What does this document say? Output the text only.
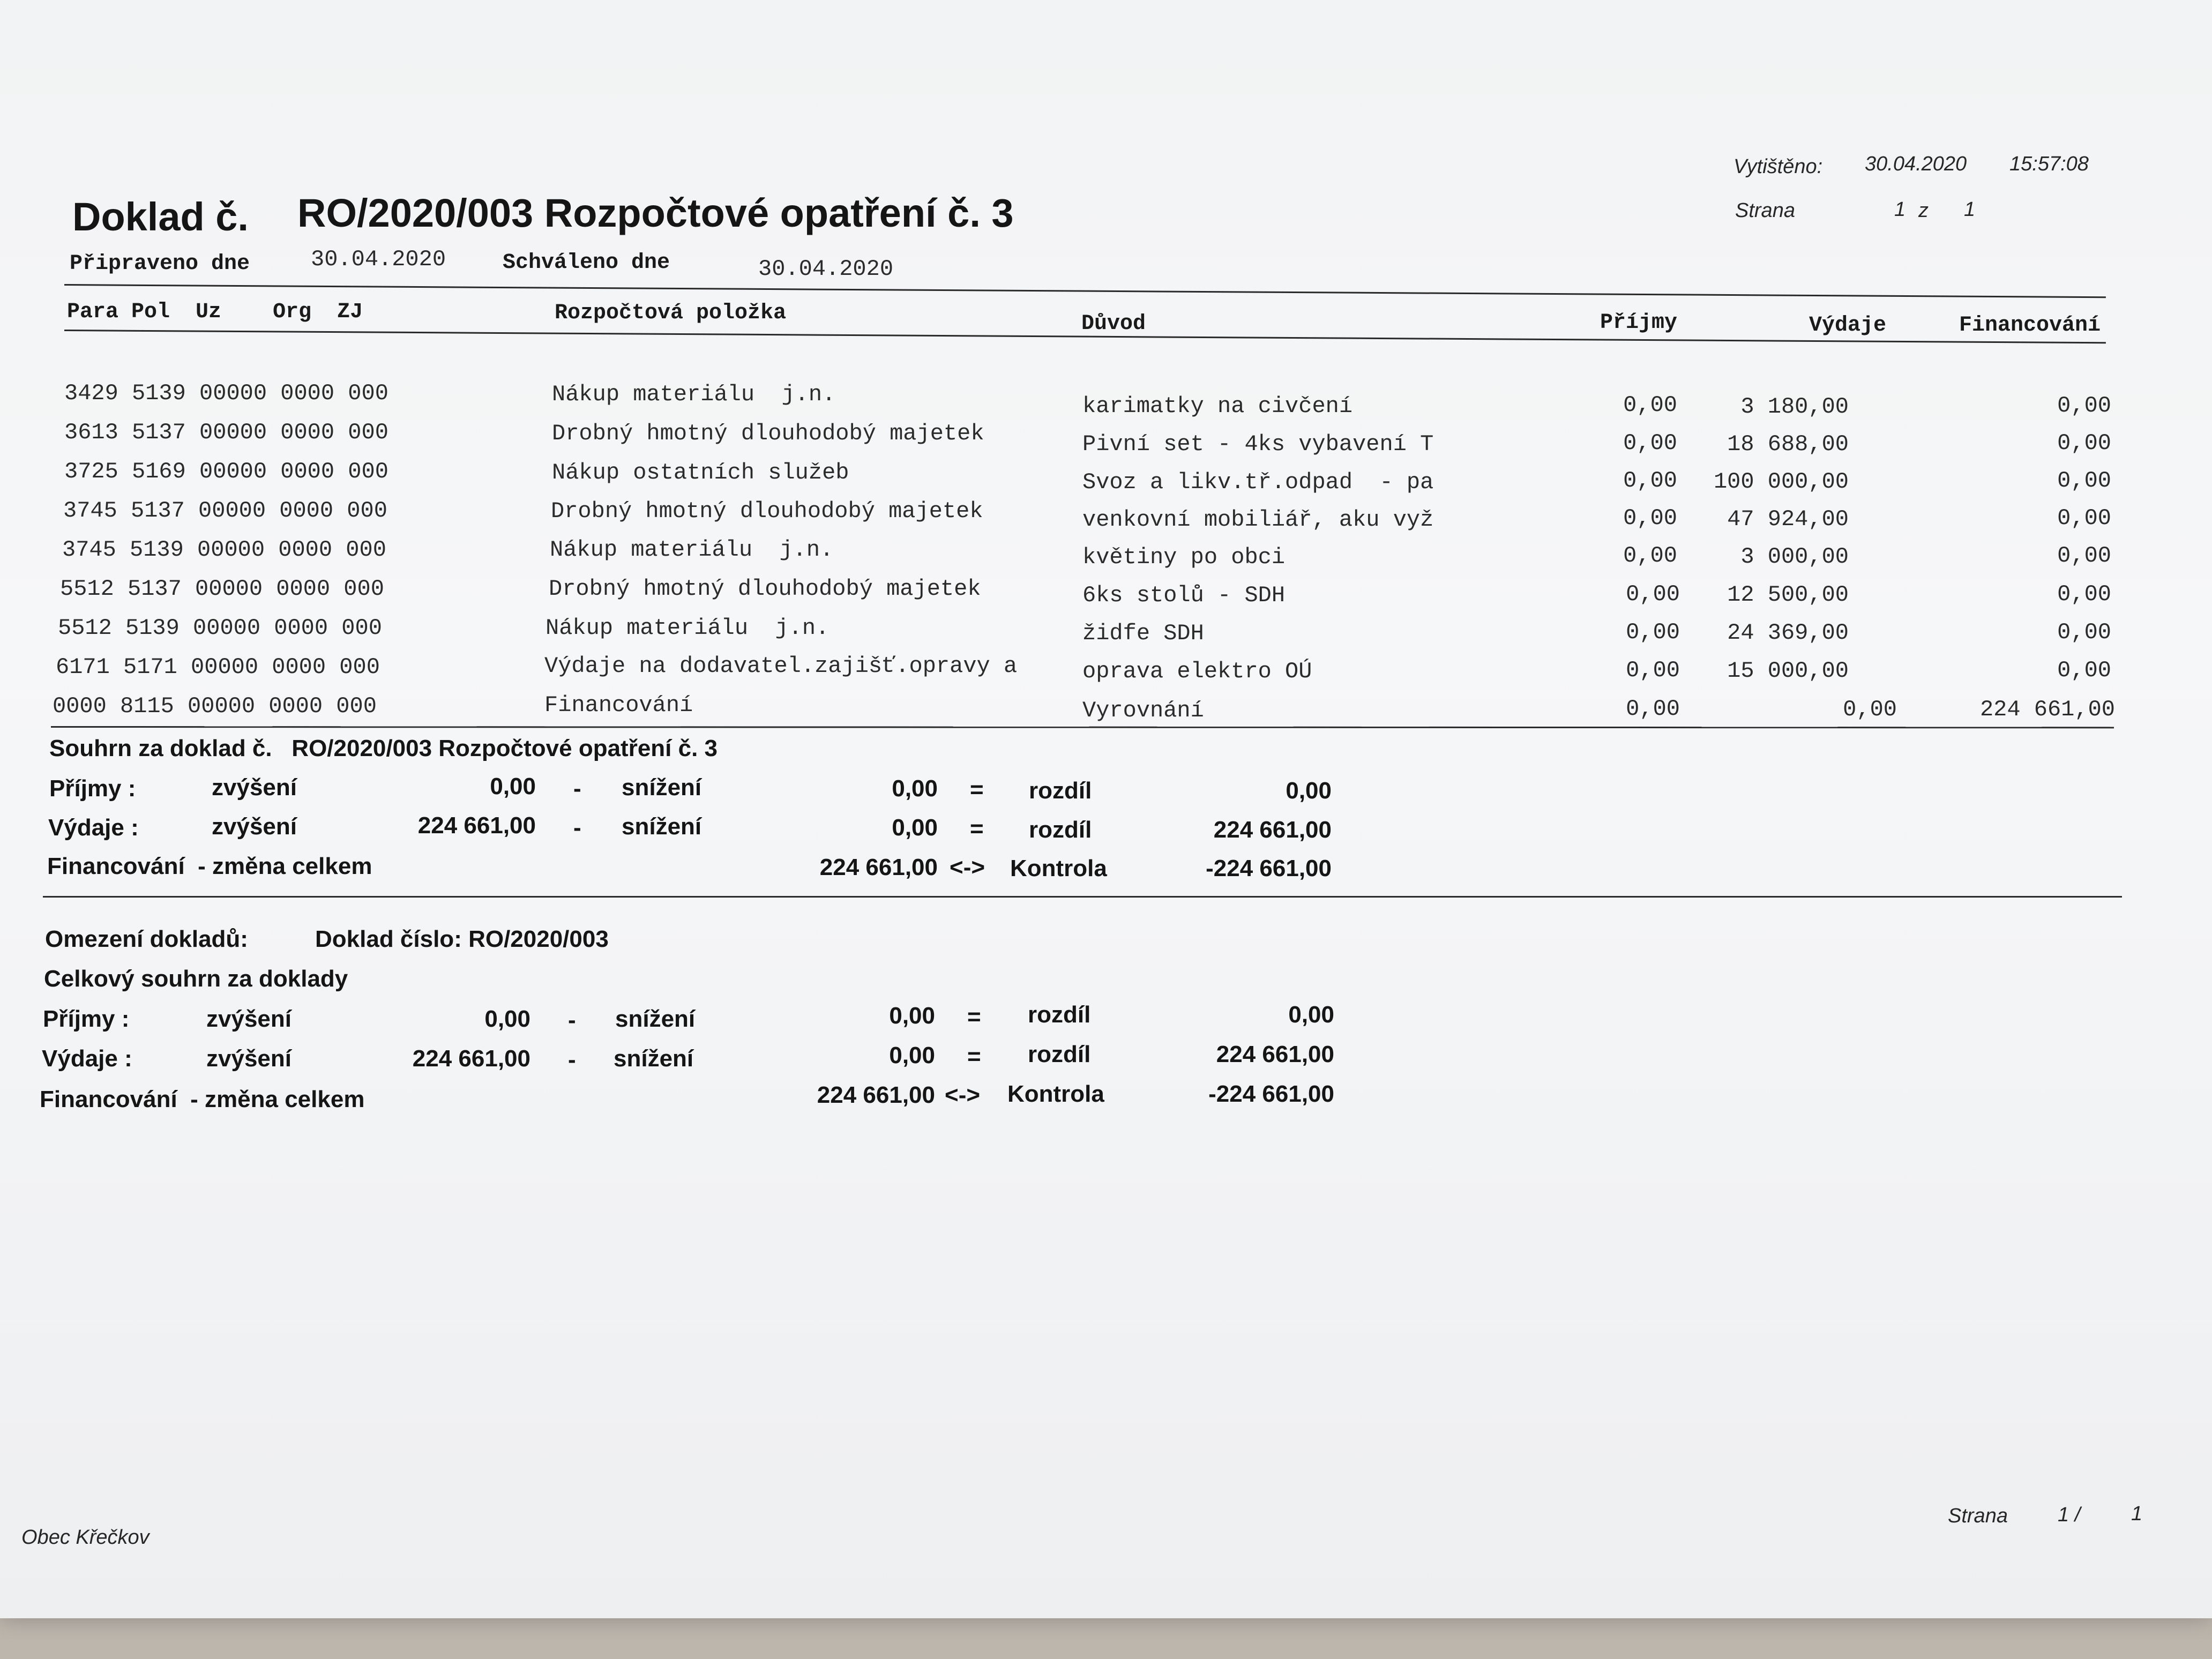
Vytištěno: 30.04.2020 15:57:08
Strana	1 z 1
Doklad č. RO/2020/003 Rozpočtové opatření č. 3
Připraveno dne	30.04.2020	Schváleno dne	30.04.2020
Para Pol  Uz    Org  ZJ	Rozpočtová položka	Důvod	Příjmy	Výdaje	Financování
3429 5139 00000 0000 000	Nákup materiálu  j.n.	karimatky na civčení	0,00	3 180,00	0,00
3613 5137 00000 0000 000	Drobný hmotný dlouhodobý majetek	Pivní set - 4ks vybavení T	0,00	18 688,00	0,00
3725 5169 00000 0000 000	Nákup ostatních služeb	Svoz a likv.tř.odpad  - pa	0,00	100 000,00	0,00
3745 5137 00000 0000 000	Drobný hmotný dlouhodobý majetek	venkovní mobiliář, aku vyž	0,00	47 924,00	0,00
3745 5139 00000 0000 000	Nákup materiálu  j.n.	květiny po obci	0,00	3 000,00	0,00
5512 5137 00000 0000 000	Drobný hmotný dlouhodobý majetek	6ks stolů - SDH	0,00	12 500,00	0,00
5512 5139 00000 0000 000	Nákup materiálu  j.n.	židfe SDH	0,00	24 369,00	0,00
6171 5171 00000 0000 000	Výdaje na dodavatel.zajišť.opravy a	oprava elektro OÚ	0,00	15 000,00	0,00
0000 8115 00000 0000 000	Financování	Vyrovnání	0,00	0,00	224 661,00
Souhrn za doklad č.   RO/2020/003 Rozpočtové opatření č. 3
Příjmy :	zvýšení	0,00 - snížení	0,00 = rozdíl	0,00
Výdaje :	zvýšení	224 661,00 - snížení	0,00 = rozdíl	224 661,00
Financování  - změna celkem	224 661,00 <-> Kontrola	-224 661,00
Omezení dokladů:	Doklad číslo: RO/2020/003
Celkový souhrn za doklady
Příjmy :	zvýšení	0,00 - snížení	0,00 = rozdíl	0,00
Výdaje :	zvýšení	224 661,00 - snížení	0,00 = rozdíl	224 661,00
Financování  - změna celkem	224 661,00 <-> Kontrola	-224 661,00
Obec Křečkov
Strana 1 / 1
